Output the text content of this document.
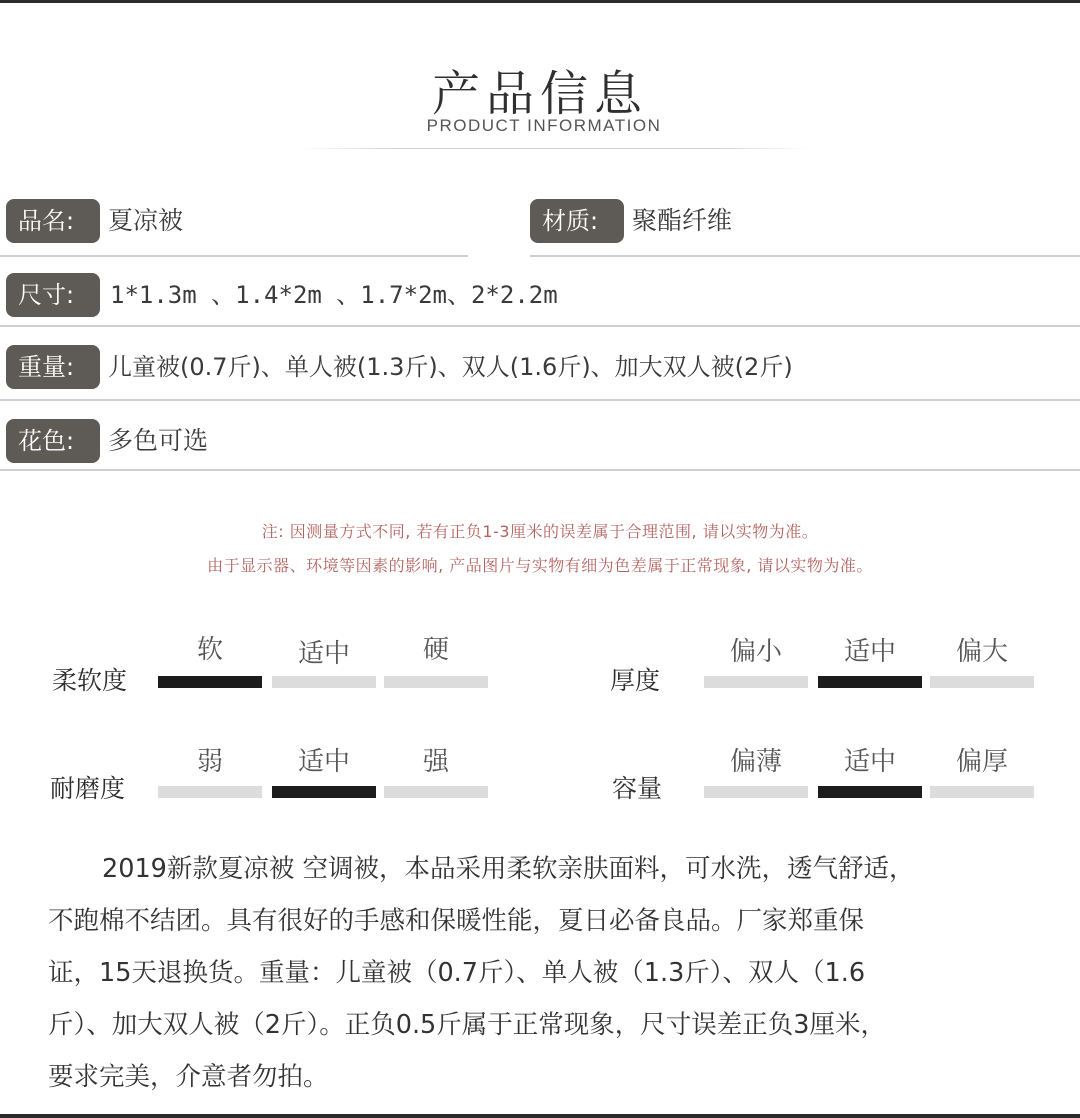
产品信息
PRODUCT INFORMATION
品名:	夏凉被	材质:	聚酯纤维
尺寸:	1*1.3m 、1.4*2m 、1.7*2m、2*2.2m
重量:	儿童被(0.7斤)、单人被(1.3斤)、双人(1.6斤)、加大双人被(2斤)
花色:	多色可选
注: 因测量方式不同, 若有正负1-3厘米的误差属于合理范围, 请以实物为准。
由于显示器、环境等因素的影响, 产品图片与实物有细为色差属于正常现象, 请以实物为准。
柔软度
软	适中	硬
厚度
偏小	适中	偏大
耐磨度
弱	适中	强
容量
偏薄	适中	偏厚

2019新款夏凉被 空调被，本品采用柔软亲肤面料，可水洗，透气舒适，

不跑棉不结团。具有很好的手感和保暖性能，夏日必备良品。厂家郑重保

证，15天退换货。重量：儿童被（0.7斤）、单人被（1.3斤）、双人（1.6

斤）、加大双人被（2斤）。正负0.5斤属于正常现象，尺寸误差正负3厘米，

要求完美，介意者勿拍。
